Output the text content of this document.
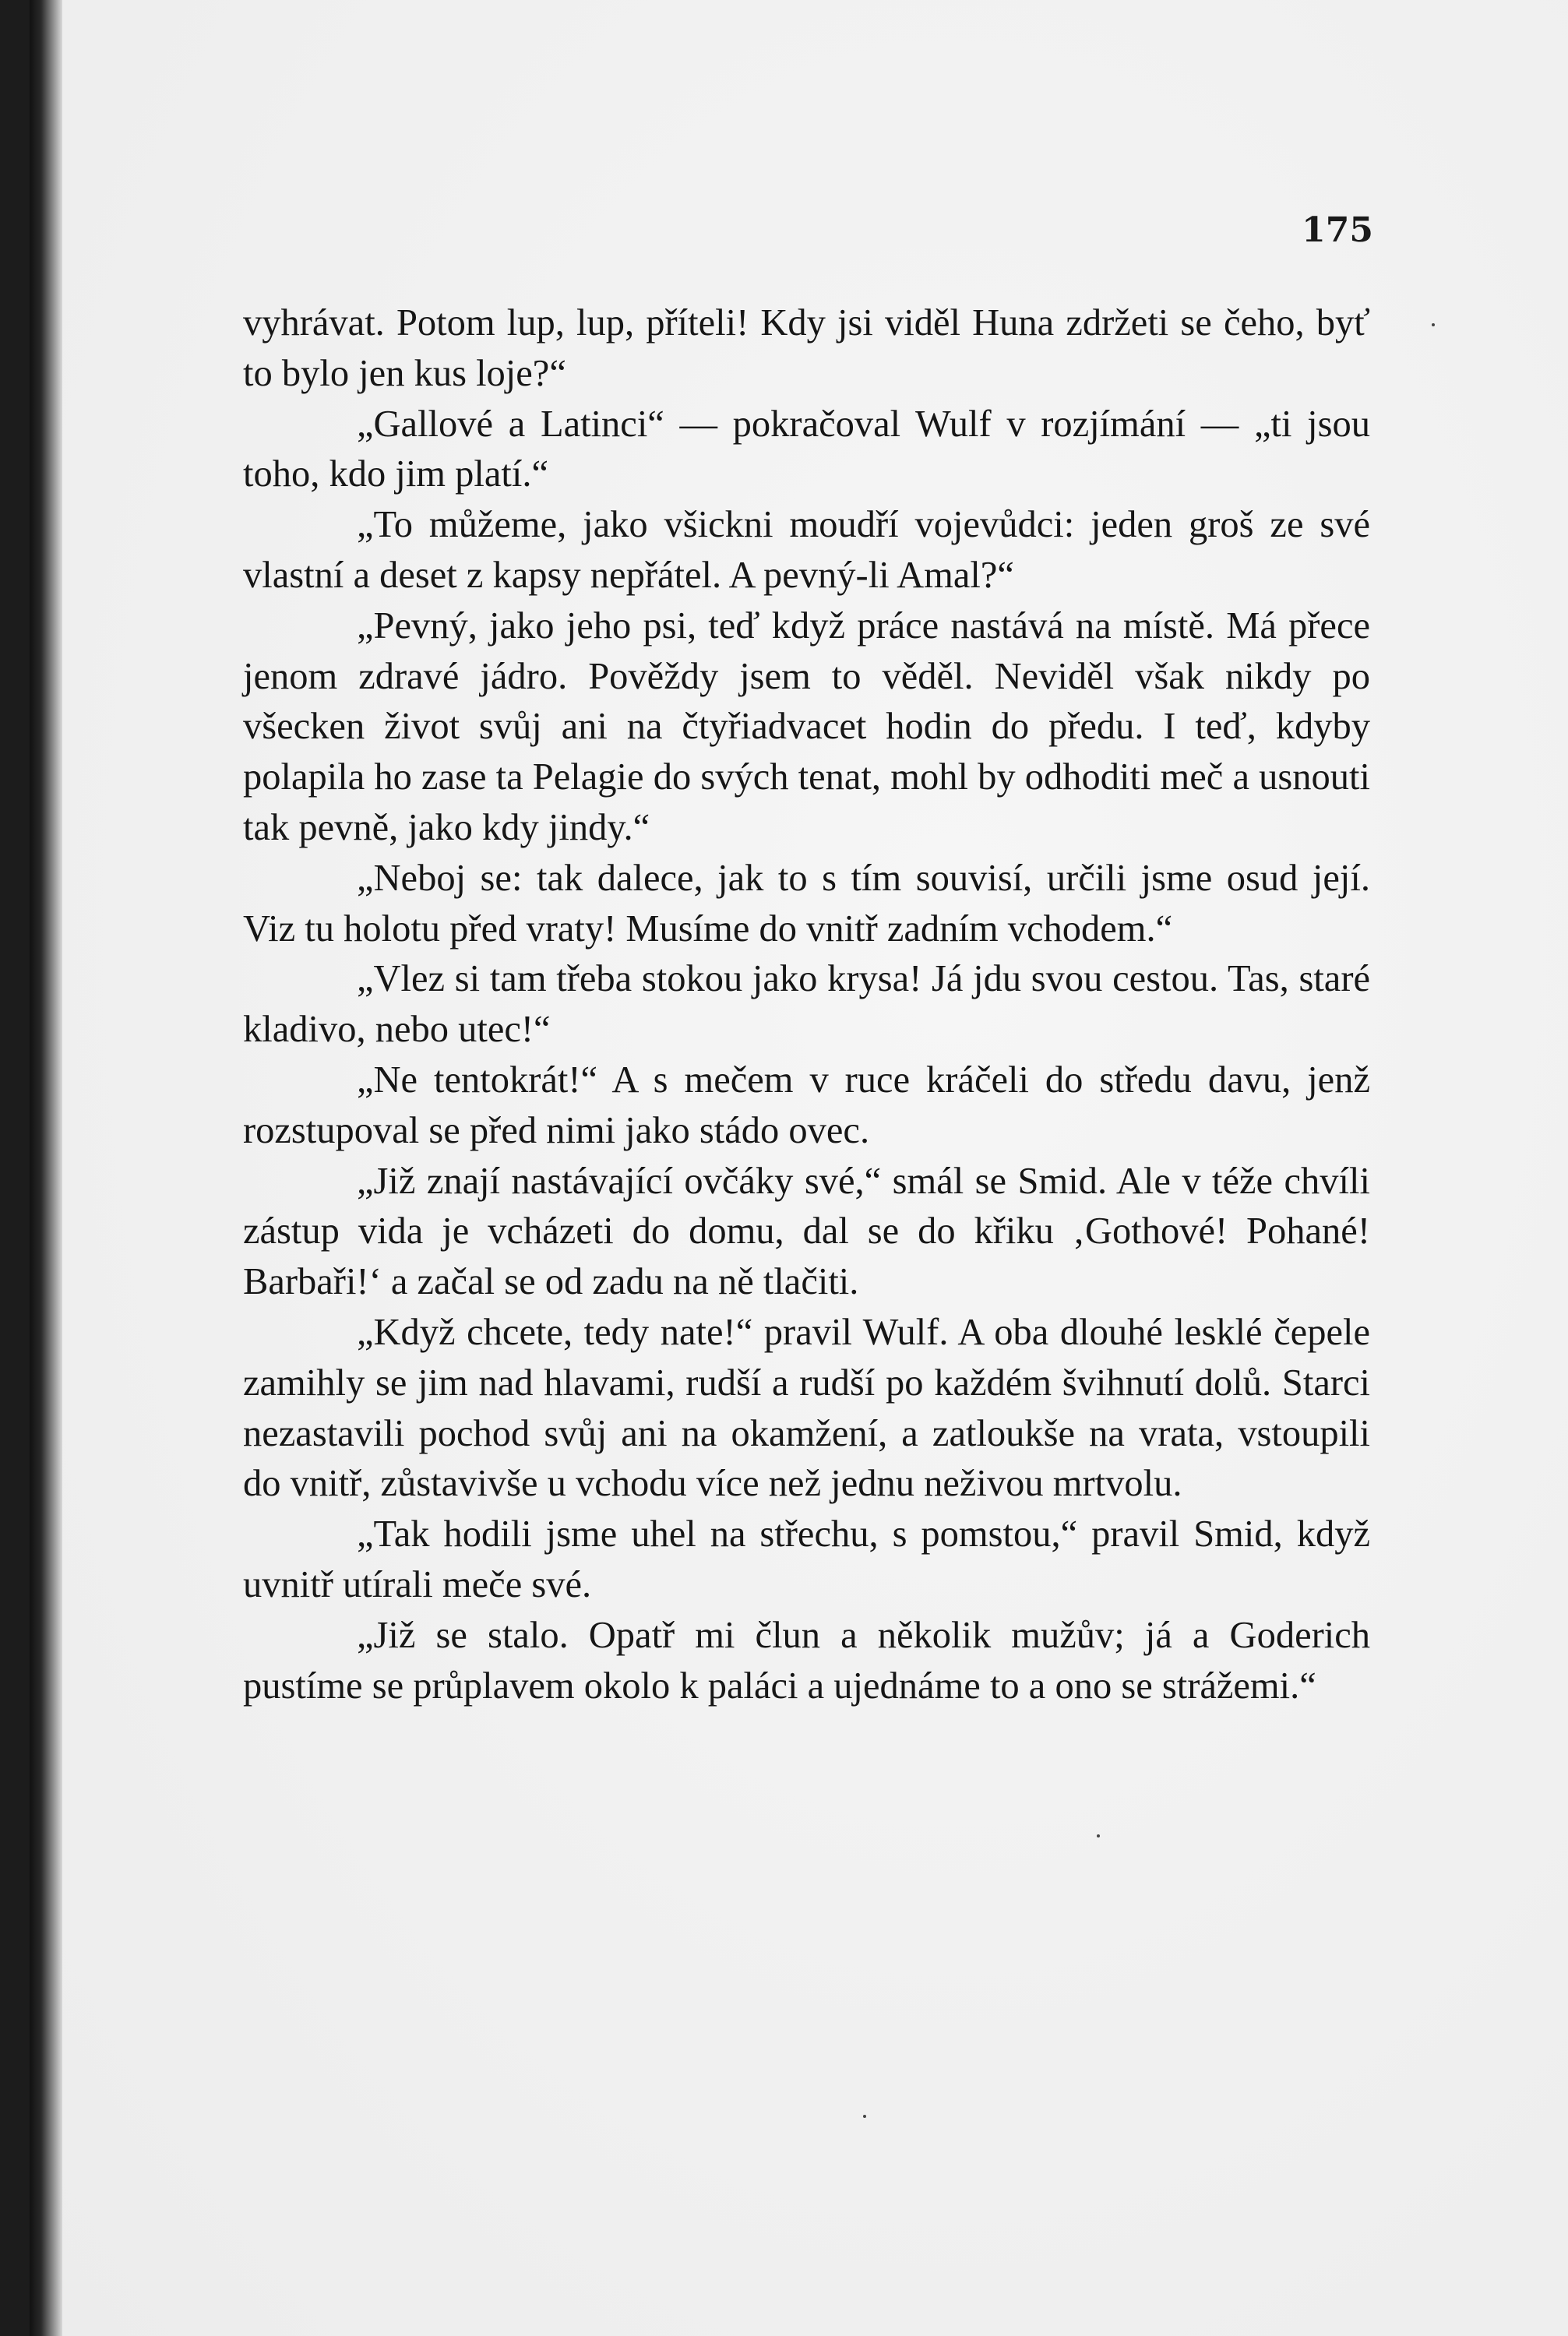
175

vyhrávat. Potom lup, lup, příteli! Kdy jsi viděl Huna zdržeti se čeho, byť to bylo jen kus loje?“

„Gallové a Latinci“ — pokračoval Wulf v rozjímání — „ti jsou toho, kdo jim platí.“

„To můžeme, jako všickni moudří vojevůdci: jeden groš ze své vlastní a deset z kapsy nepřátel. A pevný-li Amal?“

„Pevný, jako jeho psi, teď když práce nastává na místě. Má přece jenom zdravé jádro. Pověždy jsem to věděl. Neviděl však nikdy po všecken život svůj ani na čtyřiadvacet hodin do předu. I teď, kdyby polapila ho zase ta Pelagie do svých tenat, mohl by odhoditi meč a usnouti tak pevně, jako kdy jindy.“

„Neboj se: tak dalece, jak to s tím souvisí, určili jsme osud její. Viz tu holotu před vraty! Musíme do vnitř zadním vchodem.“

„Vlez si tam třeba stokou jako krysa! Já jdu svou cestou. Tas, staré kladivo, nebo utec!“

„Ne tentokrát!“ A s mečem v ruce kráčeli do středu davu, jenž rozstupoval se před nimi jako stádo ovec.

„Již znají nastávající ovčáky své,“ smál se Smid. Ale v téže chvíli zástup vida je vcházeti do domu, dal se do křiku ‚Gothové! Pohané! Barbaři!‘ a začal se od zadu na ně tlačiti.

„Když chcete, tedy nate!“ pravil Wulf. A oba dlouhé lesklé čepele zamihly se jim nad hlavami, rudší a rudší po každém švihnutí dolů. Starci nezastavili pochod svůj ani na okamžení, a zatloukše na vrata, vstoupili do vnitř, zůstavivše u vchodu více než jednu neživou mrtvolu.

„Tak hodili jsme uhel na střechu, s pomstou,“ pravil Smid, když uvnitř utírali meče své.

„Již se stalo. Opatř mi člun a několik mužův; já a Goderich pustíme se průplavem okolo k paláci a ujednáme to a ono se strážemi.“
